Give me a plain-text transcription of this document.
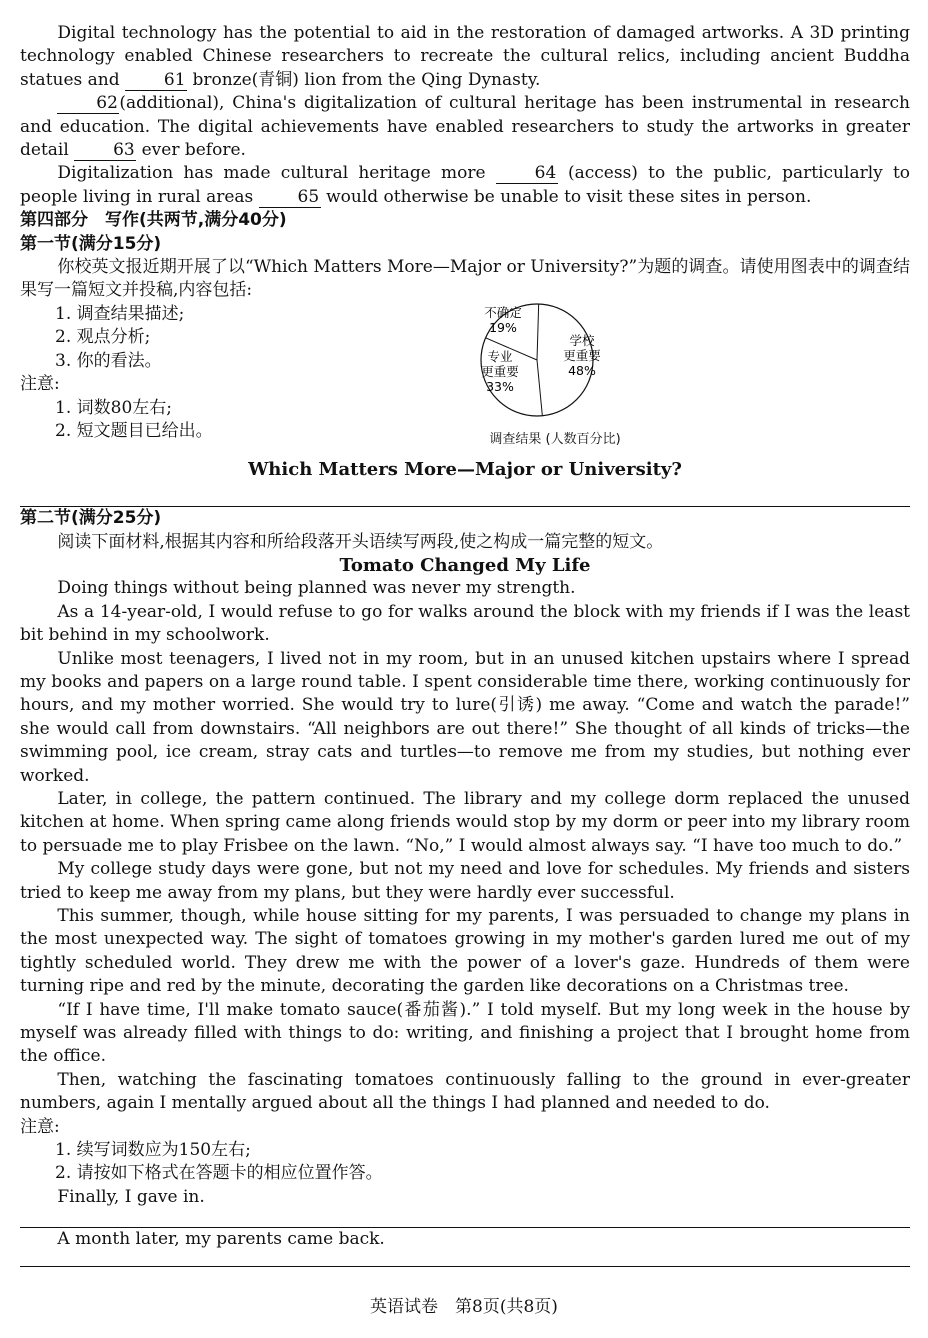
Digital technology has the potential to aid in the restoration of damaged artworks. A 3D printing technology enabled Chinese researchers to recreate the cultural relics, including ancient Buddha statues and	61 bronze(青铜) lion from the Qing Dynasty.

62(additional), China's digitalization of cultural heritage has been instrumental in research and education. The digital achievements have enabled researchers to study the artworks in greater detail	63 ever before.

Digitalization has made cultural heritage more	64 (access) to the public, particularly to people living in rural areas	65 would otherwise be unable to visit these sites in person.

第四部分　写作(共两节,满分40分)
第一节(满分15分)

你校英文报近期开展了以“Which Matters More—Major or University?”为题的调查。请使用图表中的调查结果写一篇短文并投稿,内容包括:

1. 调查结果描述;
2. 观点分析;
3. 你的看法。
注意:
1. 词数80左右;
2. 短文题目已给出。
学校
更重要
48%
专业
更重要
33%
不确定
19%
调查结果 (人数百分比)
Which Matters More—Major or University?
第二节(满分25分)

阅读下面材料,根据其内容和所给段落开头语续写两段,使之构成一篇完整的短文。

Tomato Changed My Life

Doing things without being planned was never my strength.

As a 14-year-old, I would refuse to go for walks around the block with my friends if I was the least bit behind in my schoolwork.

Unlike most teenagers, I lived not in my room, but in an unused kitchen upstairs where I spread my books and papers on a large round table. I spent considerable time there, working continuously for hours, and my mother worried. She would try to lure(引诱) me away. “Come and watch the parade!” she would call from downstairs. “All neighbors are out there!” She thought of all kinds of tricks—the swimming pool, ice cream, stray cats and turtles—to remove me from my studies, but nothing ever worked.

Later, in college, the pattern continued. The library and my college dorm replaced the unused kitchen at home. When spring came along friends would stop by my dorm or peer into my library room to persuade me to play Frisbee on the lawn. “No,” I would almost always say. “I have too much to do.”

My college study days were gone, but not my need and love for schedules. My friends and sisters tried to keep me away from my plans, but they were hardly ever successful.

This summer, though, while house sitting for my parents, I was persuaded to change my plans in the most unexpected way. The sight of tomatoes growing in my mother's garden lured me out of my tightly scheduled world. They drew me with the power of a lover's gaze. Hundreds of them were turning ripe and red by the minute, decorating the garden like decorations on a Christmas tree.

“If I have time, I'll make tomato sauce(番茄酱).” I told myself. But my long week in the house by myself was already filled with things to do: writing, and finishing a project that I brought home from the office.

Then, watching the fascinating tomatoes continuously falling to the ground in ever-greater numbers, again I mentally argued about all the things I had planned and needed to do.

注意:
1. 续写词数应为150左右;
2. 请按如下格式在答题卡的相应位置作答。

Finally, I gave in.

A month later, my parents came back.

英语试卷　第8页(共8页)
